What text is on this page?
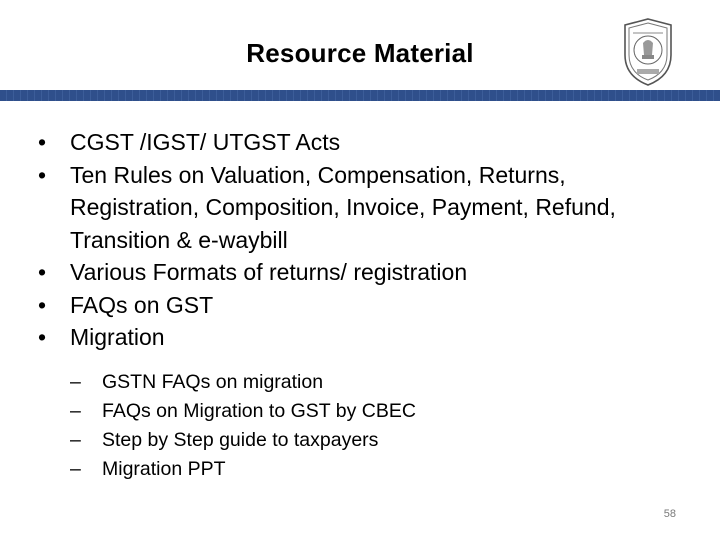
Resource Material
• CGST /IGST/ UTGST Acts
• Ten Rules on Valuation, Compensation, Returns, Registration, Composition, Invoice, Payment, Refund, Transition & e-waybill
• Various Formats of returns/ registration
• FAQs on GST
• Migration
– GSTN FAQs on migration
– FAQs on Migration to GST by CBEC
– Step by Step guide to taxpayers
– Migration PPT
58
